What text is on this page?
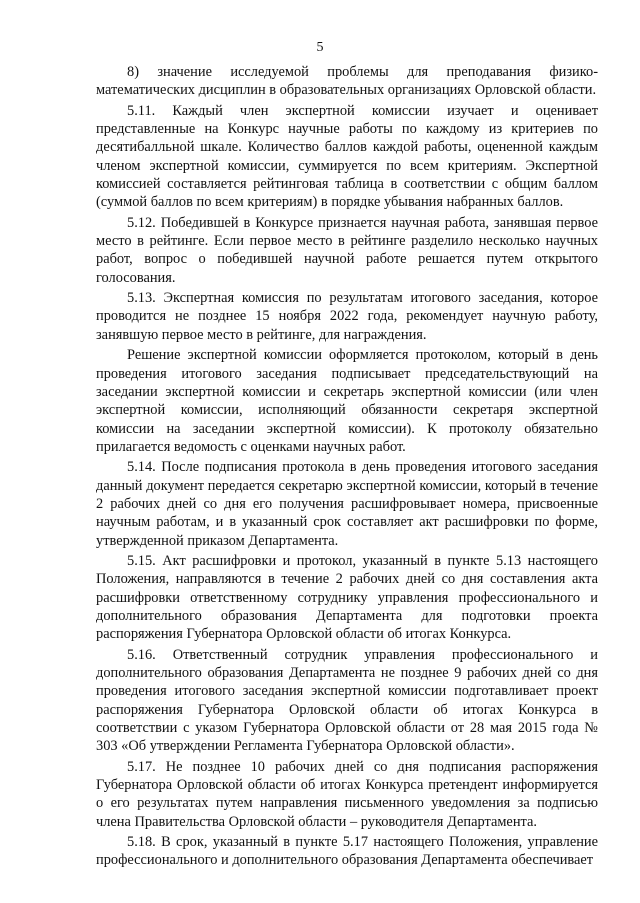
5

8) значение исследуемой проблемы для преподавания физико-математических дисциплин в образовательных организациях Орловской области.

5.11. Каждый член экспертной комиссии изучает и оценивает представленные на Конкурс научные работы по каждому из критериев по десятибалльной шкале. Количество баллов каждой работы, оцененной каждым членом экспертной комиссии, суммируется по всем критериям. Экспертной комиссией составляется рейтинговая таблица в соответствии с общим баллом (суммой баллов по всем критериям) в порядке убывания набранных баллов.

5.12. Победившей в Конкурсе признается научная работа, занявшая первое место в рейтинге. Если первое место в рейтинге разделило несколько научных работ, вопрос о победившей научной работе решается путем открытого голосования.

5.13. Экспертная комиссия по результатам итогового заседания, которое проводится не позднее 15 ноября 2022 года, рекомендует научную работу, занявшую первое место в рейтинге, для награждения.

Решение экспертной комиссии оформляется протоколом, который в день проведения итогового заседания подписывает председательствующий на заседании экспертной комиссии и секретарь экспертной комиссии (или член экспертной комиссии, исполняющий обязанности секретаря экспертной комиссии на заседании экспертной комиссии). К протоколу обязательно прилагается ведомость с оценками научных работ.

5.14. После подписания протокола в день проведения итогового заседания данный документ передается секретарю экспертной комиссии, который в течение 2 рабочих дней со дня его получения расшифровывает номера, присвоенные научным работам, и в указанный срок составляет акт расшифровки по форме, утвержденной приказом Департамента.

5.15. Акт расшифровки и протокол, указанный в пункте 5.13 настоящего Положения, направляются в течение 2 рабочих дней со дня составления акта расшифровки ответственному сотруднику управления профессионального и дополнительного образования Департамента для подготовки проекта распоряжения Губернатора Орловской области об итогах Конкурса.

5.16. Ответственный сотрудник управления профессионального и дополнительного образования Департамента не позднее 9 рабочих дней со дня проведения итогового заседания экспертной комиссии подготавливает проект распоряжения Губернатора Орловской области об итогах Конкурса в соответствии с указом Губернатора Орловской области от 28 мая 2015 года № 303 «Об утверждении Регламента Губернатора Орловской области».

5.17. Не позднее 10 рабочих дней со дня подписания распоряжения Губернатора Орловской области об итогах Конкурса претендент информируется о его результатах путем направления письменного уведомления за подписью члена Правительства Орловской области – руководителя Департамента.

5.18. В срок, указанный в пункте 5.17 настоящего Положения, управление профессионального и дополнительного образования Департамента обеспечивает
